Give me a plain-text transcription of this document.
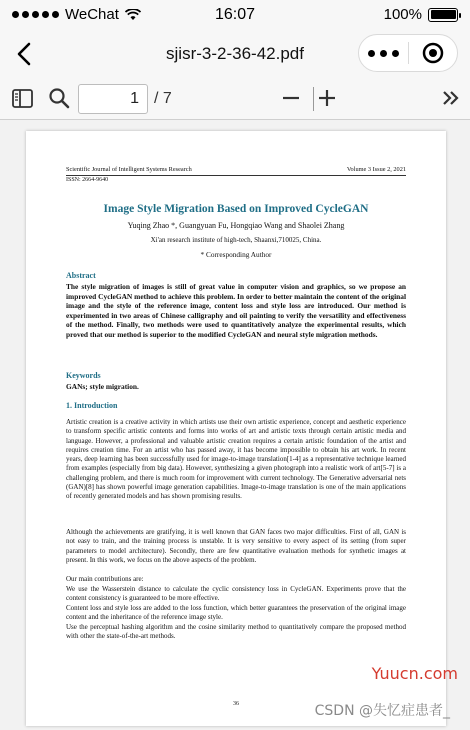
WeChat	16:07	100%
sjisr-3-2-36-42.pdf
1 / 7
Scientific Journal of Intelligent Systems Research	Volume 3 Issue 2, 2021
ISSN: 2664-9640
Image Style Migration Based on Improved CycleGAN
Yuqing Zhao *, Guangyuan Fu, Hongqiao Wang and Shaolei Zhang
Xi'an research institute of high-tech, Shaanxi,710025, China.
* Corresponding Author
Abstract
The style migration of images is still of great value in computer vision and graphics, so we propose an improved CycleGAN method to achieve this problem. In order to better maintain the content of the original image and the style of the reference image, content loss and style loss are introduced. Our method is experimented in two areas of Chinese calligraphy and oil painting to verify the versatility and effectiveness of the method. Finally, two methods were used to quantitatively analyze the experimental results, which proved that our method is superior to the modified CycleGAN and neural style migration methods.
Keywords
GANs; style migration.
1. Introduction
Artistic creation is a creative activity in which artists use their own artistic experience, concept and aesthetic experience to transform specific artistic contents and forms into works of art and artistic texts through certain artistic media and language. However, a professional and valuable artistic creation requires a certain artistic foundation of the artist and requires creation time. For an artist who has passed away, it has become impossible to obtain his art work. In recent years, deep learning has been successfully used for image-to-image translation[1-4] as a representative technique learned from examples (especially from big data). However, synthesizing a given photograph into a realistic work of art[5-7] is a challenging problem, and there is much room for improvement with current technology. The Generative adversarial nets (GAN)[8] has shown powerful image generation capabilities. Image-to-image translation is one of the main applications of recently generated models and has shown promising results.
Although the achievements are gratifying, it is well known that GAN faces two major difficulties. First of all, GAN is not easy to train, and the training process is unstable. It is very sensitive to every aspect of its setting (from super parameters to model architecture). Secondly, there are few quantitative evaluation methods for synthetic images at present. In this work, we focus on the above aspects of the problem.
Our main contributions are:
We use the Wasserstein distance to calculate the cyclic consistency loss in CycleGAN. Experiments prove that the content consistency is guaranteed to be more effective.
Content loss and style loss are added to the loss function, which better guarantees the preservation of the original image content and the inheritance of the reference image style.
Use the perceptual hashing algorithm and the cosine similarity method to quantitatively compare the proposed method with other the state-of-the-art methods.
36
Yuucn.com
CSDN @失忆症患者_
